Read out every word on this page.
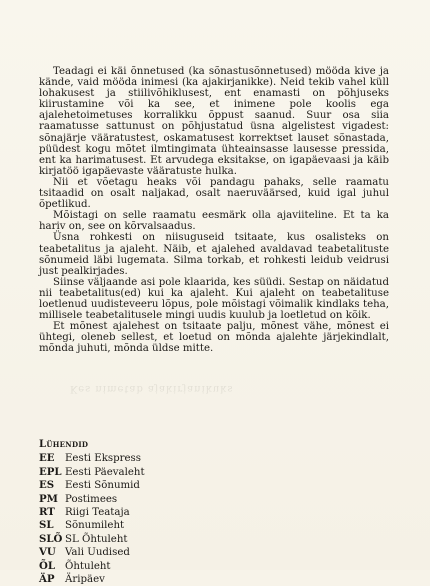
Kes nimetab ajakirjanikuks

Teadagi ei käi õnnetused (ka sõnastusõnnetused) mööda kive ja kände, vaid mööda inimesi (ka ajakirjanikke). Neid tekib vahel küll lohakusest ja stiilivõhiklusest, ent enamasti on põhjuseks kiirustamine või ka see, et inimene pole koolis ega ajalehetoimetuses korralikku õppust saanud. Suur osa siia raamatusse sattunust on põhjustatud üsna algelistest vigadest: sõnajärje vääratustest, oskamatusest korrektset lauset sõnastada, püüdest kogu mõtet ilmtingimata ühteainsasse lausesse pressida, ent ka harimatusest. Et arvudega eksitakse, on igapäevaasi ja käib kirjatöö igapäevaste vääratuste hulka.

Nii et võetagu heaks või pandagu pahaks, selle raamatu tsitaadid on osalt naljakad, osalt naeruväärsed, kuid igal juhul õpetlikud.

Mõistagi on selle raamatu eesmärk olla ajaviiteline. Et ta ka hariv on, see on kõrvalsaadus.

Üsna rohkesti on niisuguseid tsitaate, kus osalisteks on teabetalitus ja ajaleht. Näib, et ajalehed avaldavad teabetalituste sõnumeid läbi lugemata. Silma torkab, et rohkesti leidub veidrusi just pealkirjades.

Siinse väljaande asi pole klaarida, kes süüdi. Sestap on näidatud nii teabetalitus(ed) kui ka ajaleht. Kui ajaleht on teabetalituse loetlenud uudisteveeru lõpus, pole mõistagi võimalik kindlaks teha, millisele teabetalitusele mingi uudis kuulub ja loetletud on kõik.

Et mõnest ajalehest on tsitaate palju, mõnest vähe, mõnest ei ühtegi, oleneb sellest, et loetud on mõnda ajalehte järjekindlalt, mõnda juhuti, mõnda üldse mitte.

Lühendid
EE	Eesti Ekspress
EPL Eesti Päevaleht
ES	Eesti Sõnumid
PM Postimees
RT Riigi Teataja
SL	Sõnumileht
SLÕ SL Õhtuleht
VU Vali Uudised
ÕL Õhtuleht
ÄP	Äripäev
